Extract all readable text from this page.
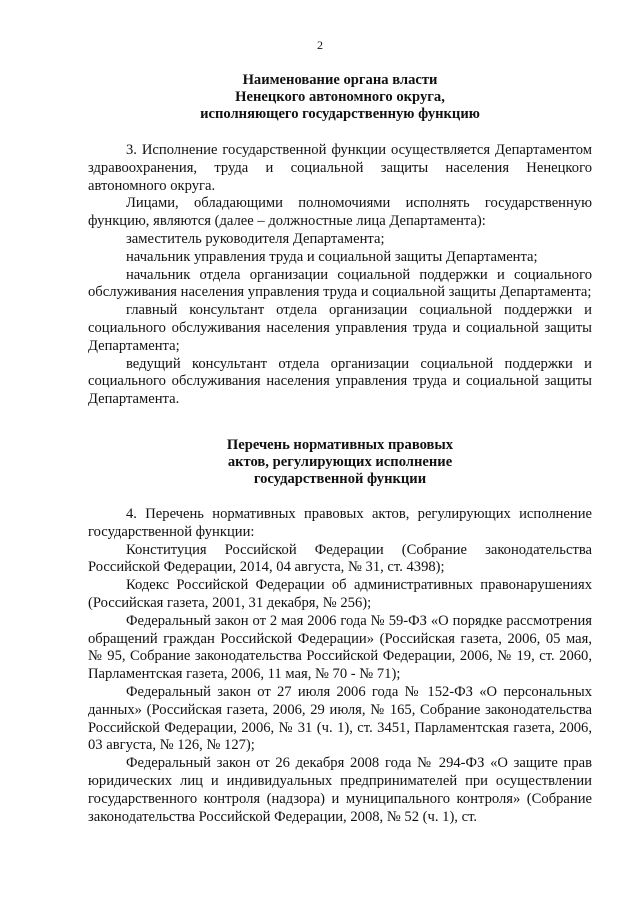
2
Наименование органа власти
Ненецкого автономного округа,
исполняющего государственную функцию

3. Исполнение государственной функции осуществляется Департаментом здравоохранения, труда и социальной защиты населения Ненецкого автономного округа.

Лицами, обладающими полномочиями исполнять государственную функцию, являются (далее – должностные лица Департамента):

заместитель руководителя Департамента;

начальник управления труда и социальной защиты Департамента;

начальник отдела организации социальной поддержки и социального обслуживания населения управления труда и социальной защиты Департамента;

главный консультант отдела организации социальной поддержки и социального обслуживания населения управления труда и социальной защиты Департамента;

ведущий консультант отдела организации социальной поддержки и социального обслуживания населения управления труда и социальной защиты Департамента.

Перечень нормативных правовых
актов, регулирующих исполнение
государственной функции

4. Перечень нормативных правовых актов, регулирующих исполнение государственной функции:

Конституция Российской Федерации (Собрание законодательства Российской Федерации, 2014, 04 августа, № 31, ст. 4398);

Кодекс Российской Федерации об административных правонарушениях (Российская газета, 2001, 31 декабря, № 256);

Федеральный закон от 2 мая 2006 года № 59-ФЗ «О порядке рассмотрения обращений граждан Российской Федерации» (Российская газета, 2006, 05 мая, № 95, Собрание законодательства Российской Федерации, 2006, № 19, ст. 2060, Парламентская газета, 2006, 11 мая, № 70 - № 71);

Федеральный закон от 27 июля 2006 года № 152-ФЗ «О персональных данных» (Российская газета, 2006, 29 июля, № 165, Собрание законодательства Российской Федерации, 2006, № 31 (ч. 1), ст. 3451, Парламентская газета, 2006, 03 августа, № 126, № 127);

Федеральный закон от 26 декабря 2008 года № 294-ФЗ «О защите прав юридических лиц и индивидуальных предпринимателей при осуществлении государственного контроля (надзора) и муниципального контроля» (Собрание законодательства Российской Федерации, 2008, № 52 (ч. 1), ст.
